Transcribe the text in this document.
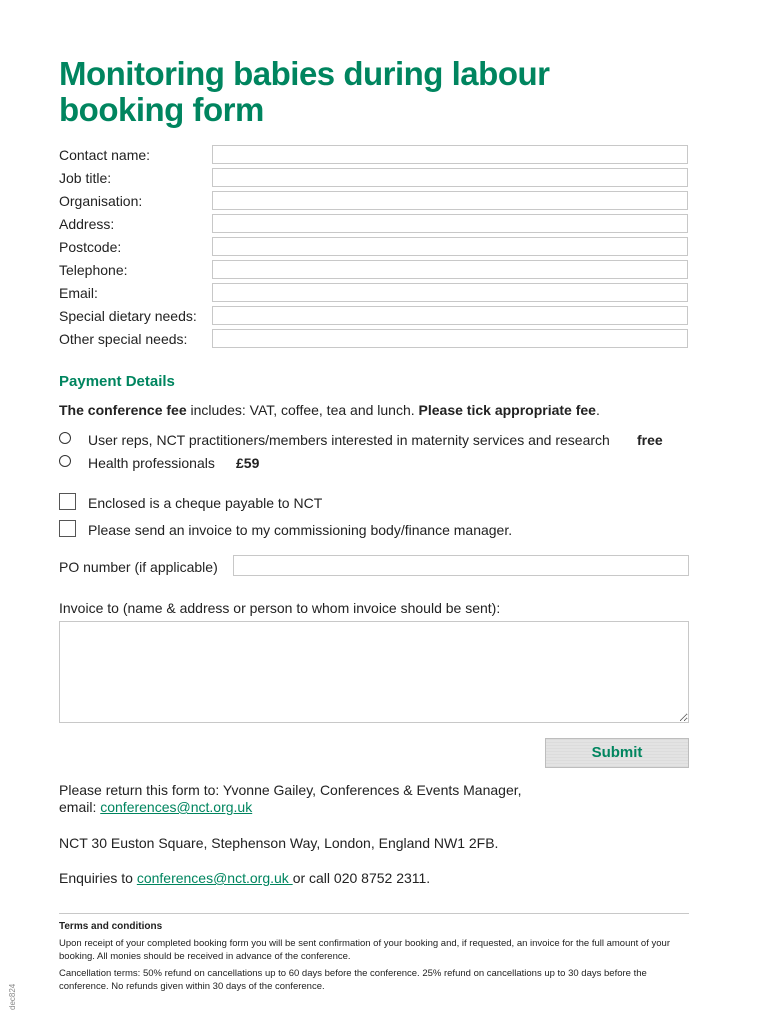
Monitoring babies during labour booking form
Contact name:
Job title:
Organisation:
Address:
Postcode:
Telephone:
Email:
Special dietary needs:
Other special needs:
Payment Details
The conference fee includes: VAT, coffee, tea and lunch. Please tick appropriate fee.
User reps, NCT practitioners/members interested in maternity services and research free
Health professionals £59
Enclosed is a cheque payable to NCT
Please send an invoice to my commissioning body/finance manager.
PO number (if applicable)
Invoice to (name & address or person to whom invoice should be sent):
Submit
Please return this form to: Yvonne Gailey, Conferences & Events Manager,
email: conferences@nct.org.uk
NCT 30 Euston Square, Stephenson Way, London, England NW1 2FB.
Enquiries to conferences@nct.org.uk or call 020 8752 2311.
Terms and conditions
Upon receipt of your completed booking form you will be sent confirmation of your booking and, if requested, an invoice for the full amount of your booking. All monies should be received in advance of the conference.
Cancellation terms: 50% refund on cancellations up to 60 days before the conference. 25% refund on cancellations up to 30 days before the conference. No refunds given within 30 days of the conference.
dec824
